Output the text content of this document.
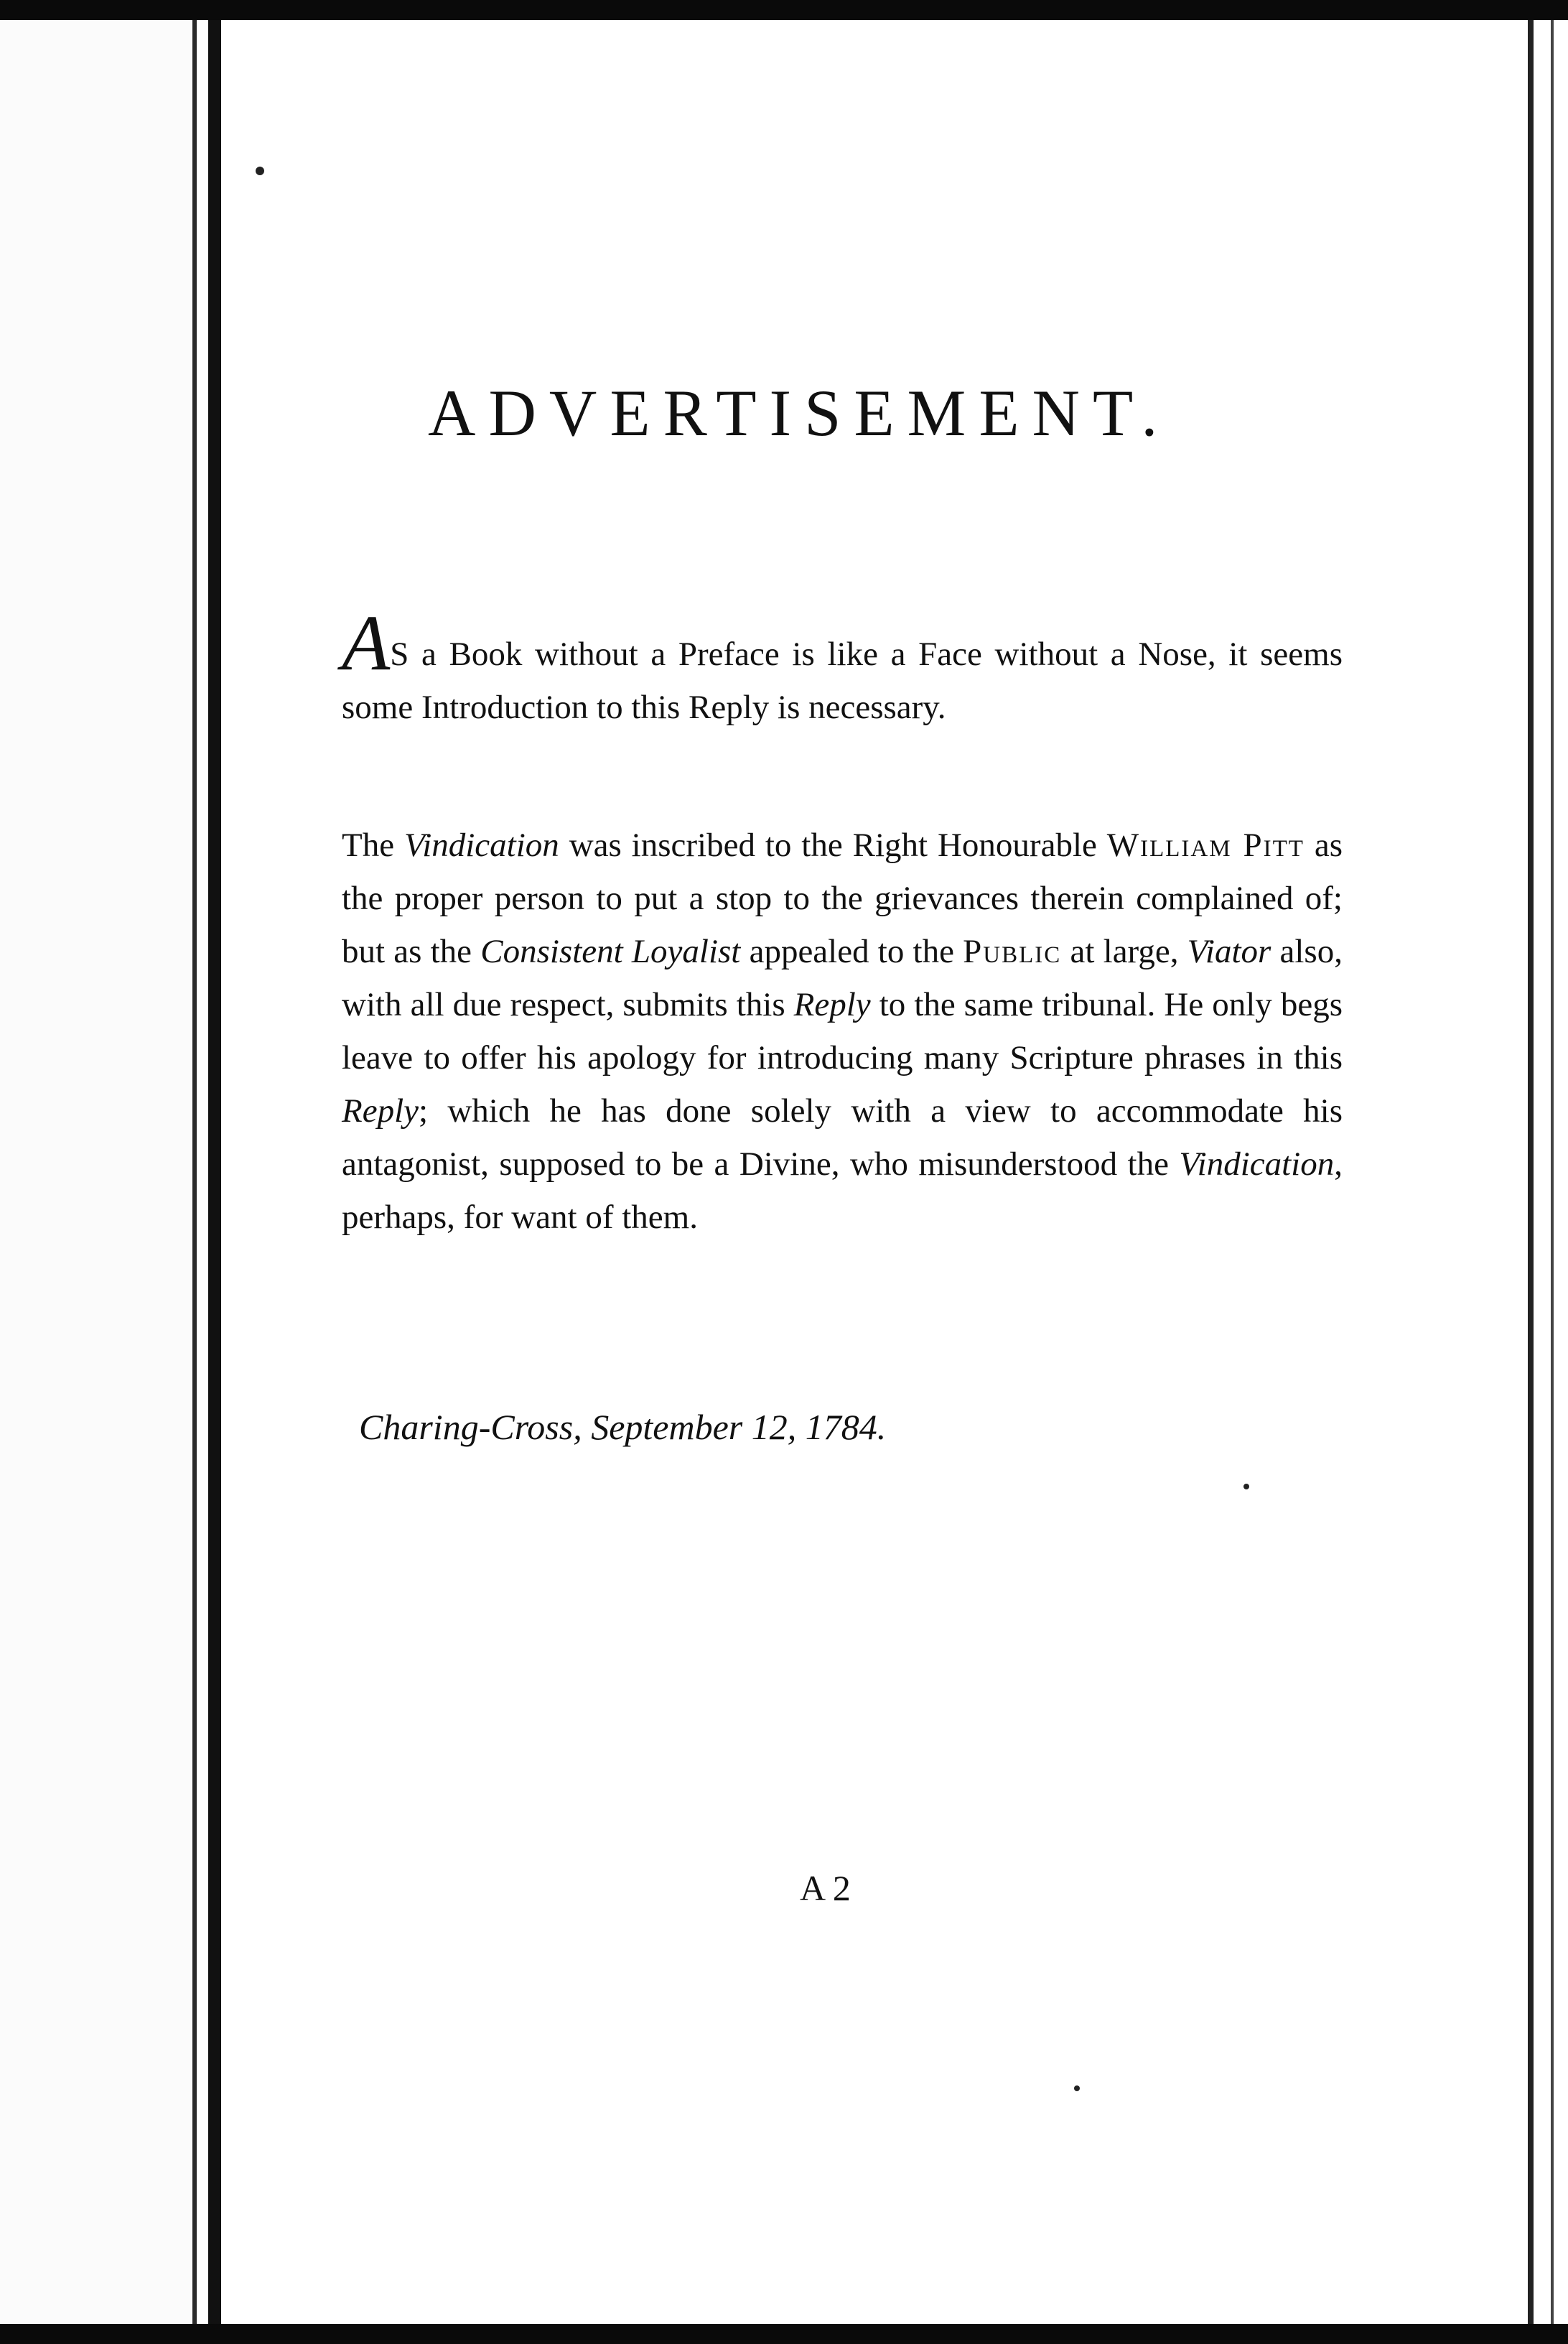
ADVERTISEMENT.
AS a Book without a Preface is like a Face without a Nose, it seems some Introduction to this Reply is necessary.
The Vindication was inscribed to the Right Honourable William Pitt as the proper person to put a stop to the grievances therein complained of; but as the Consistent Loyalist appealed to the Public at large, Viator also, with all due respect, submits this Reply to the same tribunal. He only begs leave to offer his apology for introducing many Scripture phrases in this Reply; which he has done solely with a view to accommodate his antagonist, supposed to be a Divine, who misunderstood the Vindication, perhaps, for want of them.
Charing-Cross, September 12, 1784.
A 2
